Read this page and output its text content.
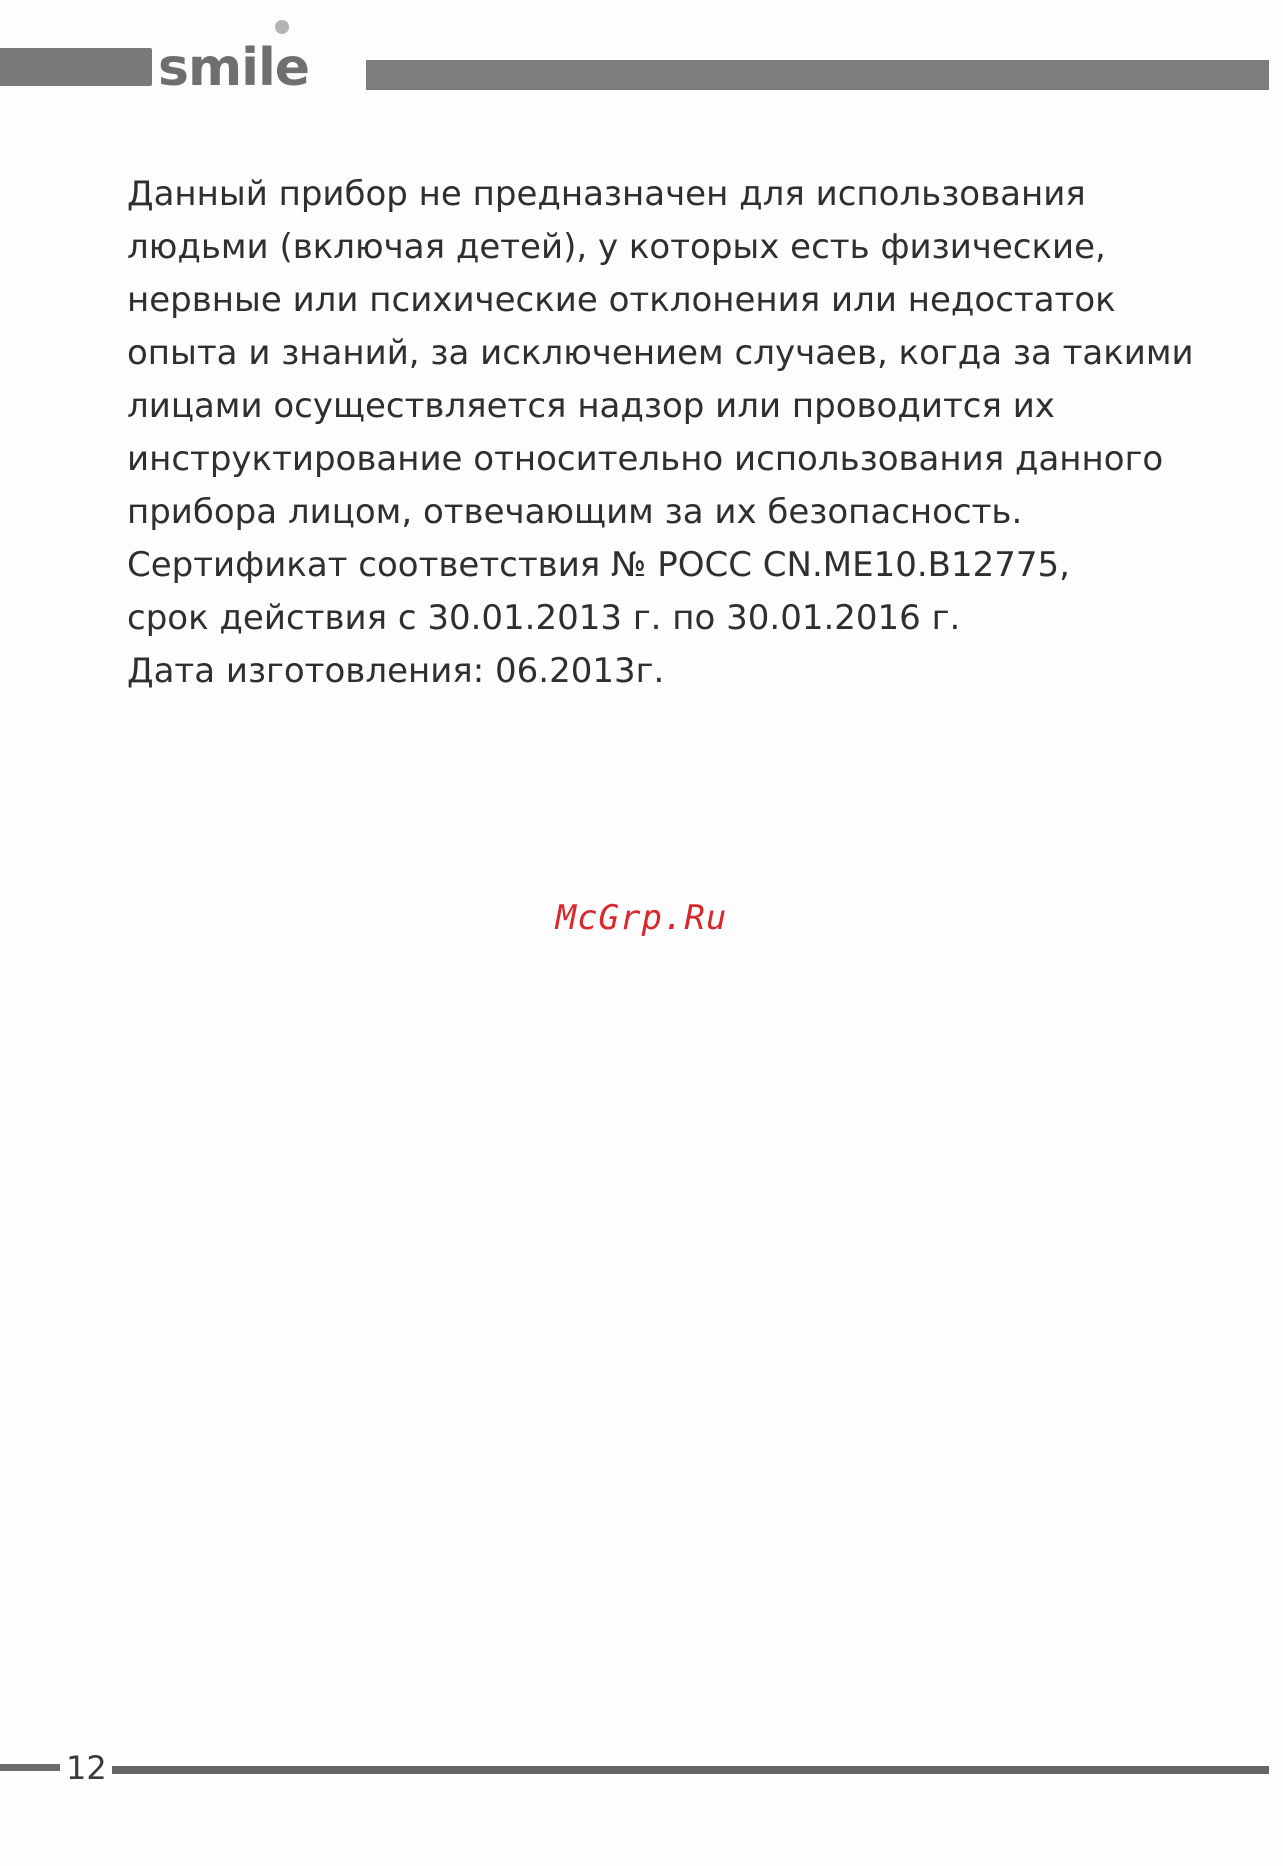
smile

Данный прибор не предназначен для использования

людьми (включая детей), у которых есть физические,

нервные или психические отклонения или недостаток

опыта и знаний, за исключением случаев, когда за такими

лицами осуществляется надзор или проводится их

инструктирование относительно использования данного

прибора лицом, отвечающим за их безопасность.

Сертификат соответствия № РОСС CN.ME10.B12775,

срок действия с 30.01.2013 г. по 30.01.2016 г.

Дата изготовления: 06.2013г.

McGrp.Ru
12
